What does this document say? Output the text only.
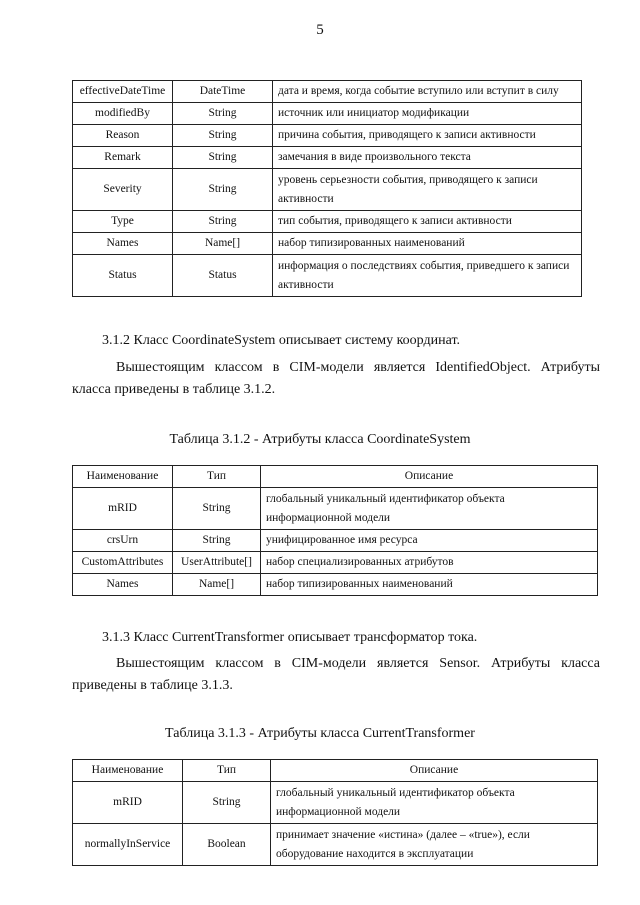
5
effectiveDateTime	DateTime	дата и время, когда событие вступило или вступит в силу
modifiedBy	String	источник или инициатор модификации
Reason	String	причина события, приводящего к записи активности
Remark	String	замечания в виде произвольного текста
Severity	String	уровень серьезности события, приводящего к записи активности
Type	String	тип события, приводящего к записи активности
Names	Name[]	набор типизированных наименований
Status	Status	информация о последствиях события, приведшего к записи активности
3.1.2 Класс CoordinateSystem описывает систему координат.
Вышестоящим классом в CIM-модели является IdentifiedObject. Атрибуты класса приведены в таблице 3.1.2.
Таблица 3.1.2 - Атрибуты класса CoordinateSystem
Наименование	Тип	Описание
mRID	String	глобальный уникальный идентификатор объекта информационной модели
crsUrn	String	унифицированное имя ресурса
CustomAttributes	UserAttribute[]	набор специализированных атрибутов
Names	Name[]	набор типизированных наименований
3.1.3 Класс CurrentTransformer описывает трансформатор тока.
Вышестоящим классом в CIM-модели является Sensor. Атрибуты класса приведены в таблице 3.1.3.
Таблица 3.1.3 - Атрибуты класса CurrentTransformer
Наименование	Тип	Описание
mRID	String	глобальный уникальный идентификатор объекта информационной модели
normallyInService	Boolean	принимает значение «истина» (далее – «true»), если оборудование находится в эксплуатации
